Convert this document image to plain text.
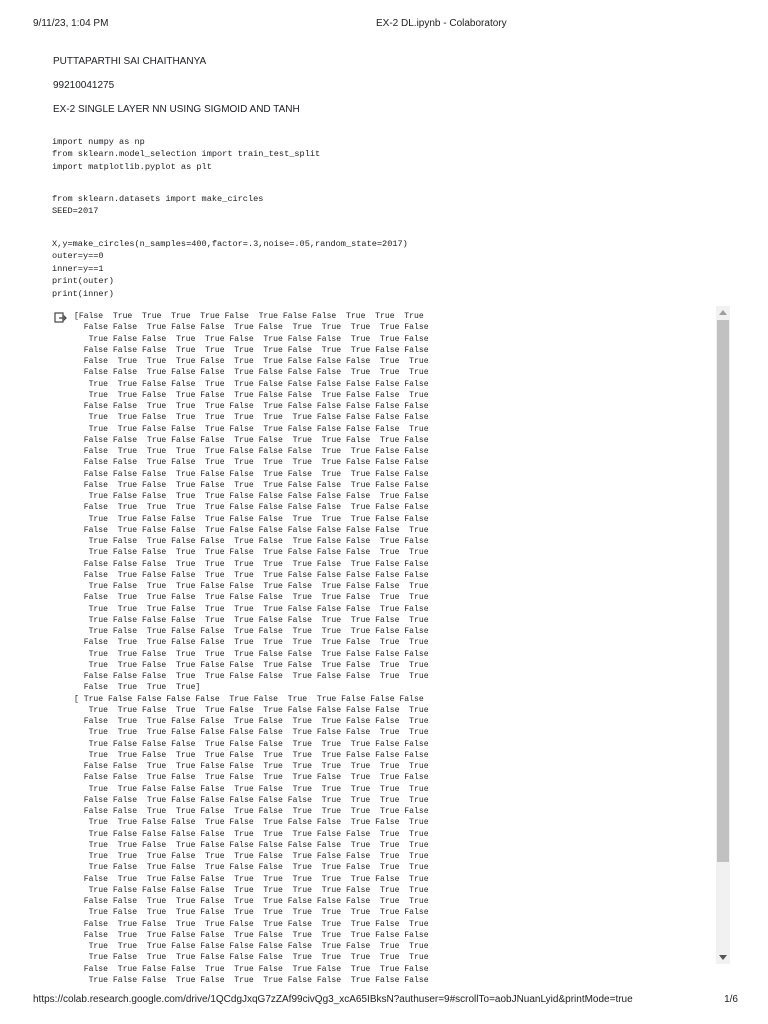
9/11/23, 1:04 PM	EX-2 DL.ipynb - Colaboratory
PUTTAPARTHI SAI CHAITHANYA
99210041275
EX-2 SINGLE LAYER NN USING SIGMOID AND TANH
import numpy as np
from sklearn.model_selection import train_test_split
import matplotlib.pyplot as plt
from sklearn.datasets import make_circles
SEED=2017
X,y=make_circles(n_samples=400,factor=.3,noise=.05,random_state=2017)
outer=y==0
inner=y==1
print(outer)
print(inner)
[False  True  True  True  True False  True False False  True  True  True
False False  True False False  True False  True  True  True  True False
True False False  True  True False  True False False  True  True False
False False False  True  True  True  True False  True  True False False
False  True  True  True False  True  True False False False  True  True
False False  True False False  True False False False  True  True  True
True  True False False  True  True False False False False False False
True  True False  True False  True False False  True False False  True
False False  True  True  True False  True False False False False False
True  True False  True  True  True  True  True False False False False
True  True False False  True False  True False False False False  True
False False  True False False  True False  True  True False  True False
False  True  True  True  True False False False  True  True False False
False False  True False  True  True  True  True  True False False False
False False False  True False False  True False  True  True False False
False  True False  True False  True  True False False  True False False
True False False  True  True False False False False False  True False
False  True  True  True  True False False False False  True False False
True  True False False  True False False  True  True  True False False
False  True False False  True False False False False False False  True
True False  True False False  True False  True False False  True False
True False False  True  True False  True False False False  True  True
False False False  True  True  True  True  True False  True False False
False  True False False  True  True  True False False False False False
True False  True  True False False  True False  True False False  True
False  True  True False  True False False  True  True False  True  True
True  True  True False  True  True  True False False False  True False
True False False False  True  True False False  True  True False  True
True False  True False False  True False  True  True  True False False
False  True  True False False  True  True  True  True False  True  True
True  True False  True  True  True False False  True False False False
True  True False  True False False  True False  True False  True  True
False False False  True  True False False  True False False  True  True
False  True  True  True]
[ True False False False False  True False  True  True False False False
True  True False  True  True False  True False False False False  True
False  True  True False False  True False  True  True False False  True
True  True  True False False False False  True False False  True  True
True False False False  True False False  True  True  True False False
True  True False  True  True False  True  True  True False False False
False False  True  True False False  True  True  True  True  True  True
False False  True False  True False  True  True False  True  True False
True  True False False False  True False  True  True  True  True  True
False False  True False False False False False  True  True  True  True
False False  True  True False  True False  True  True  True  True False
True  True False False  True False  True False False  True False  True
True False False False False  True  True  True False False  True  True
True  True False  True False False False False False  True  True  True
True  True  True False  True  True False  True False False  True  True
True False  True False  True False False  True  True False  True  True
False  True  True False False  True  True  True  True  True False  True
True False False False False  True  True  True  True False  True  True
False False  True  True False  True  True False False False  True  True
True False  True  True False  True  True  True  True  True  True False
False  True False  True  True False  True False  True  True False  True
False  True  True False False  True False  True  True  True False False
True  True  True False False False False False  True False  True  True
True False  True  True False False False  True  True  True  True  True
False  True False False  True  True False  True False  True  True False
True False False  True False  True  True False False  True False False
https://colab.research.google.com/drive/1QCdgJxqG7zZAf99civQg3_xcA65IBksN?authuser=9#scrollTo=aobJNuanLyid&printMode=true	1/6
